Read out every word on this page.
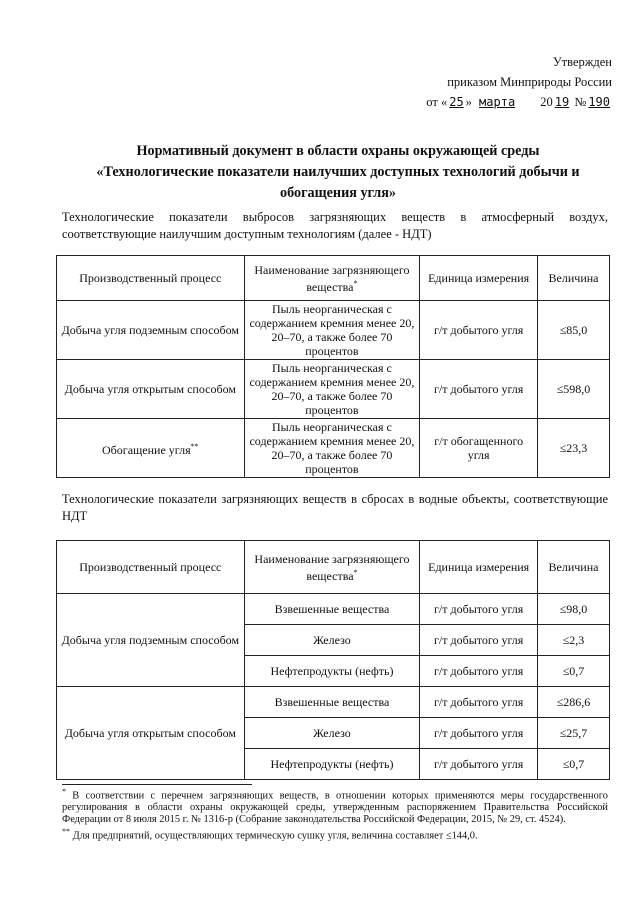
Утвержден
приказом Минприроды России
от « 25 » марта 20 19 № 190
Нормативный документ в области охраны окружающей среды
«Технологические показатели наилучших доступных технологий добычи и
обогащения угля»
Технологические показатели выбросов загрязняющих веществ в атмосферный воздух, соответствующие наилучшим доступным технологиям (далее - НДТ)
Производственный процесс	Наименование загрязняющего вещества*	Единица измерения	Величина
Добыча угля подземным способом	Пыль неорганическая с содержанием кремния менее 20, 20–70, а также более 70 процентов	г/т добытого угля	≤85,0
Добыча угля открытым способом	Пыль неорганическая с содержанием кремния менее 20, 20–70, а также более 70 процентов	г/т добытого угля	≤598,0
Обогащение угля**	Пыль неорганическая с содержанием кремния менее 20, 20–70, а также более 70 процентов	г/т обогащенного угля	≤23,3
Технологические показатели загрязняющих веществ в сбросах в водные объекты, соответствующие НДТ
Производственный процесс	Наименование загрязняющего вещества*	Единица измерения	Величина
Добыча угля подземным способом	Взвешенные вещества	г/т добытого угля	≤98,0
	Железо	г/т добытого угля	≤2,3
	Нефтепродукты (нефть)	г/т добытого угля	≤0,7
Добыча угля открытым способом	Взвешенные вещества	г/т добытого угля	≤286,6
	Железо	г/т добытого угля	≤25,7
	Нефтепродукты (нефть)	г/т добытого угля	≤0,7
* В соответствии с перечнем загрязняющих веществ, в отношении которых применяются меры государственного регулирования в области охраны окружающей среды, утвержденным распоряжением Правительства Российской Федерации от 8 июля 2015 г. № 1316-р (Собрание законодательства Российской Федерации, 2015, № 29, ст. 4524).
** Для предприятий, осуществляющих термическую сушку угля, величина составляет ≤144,0.
